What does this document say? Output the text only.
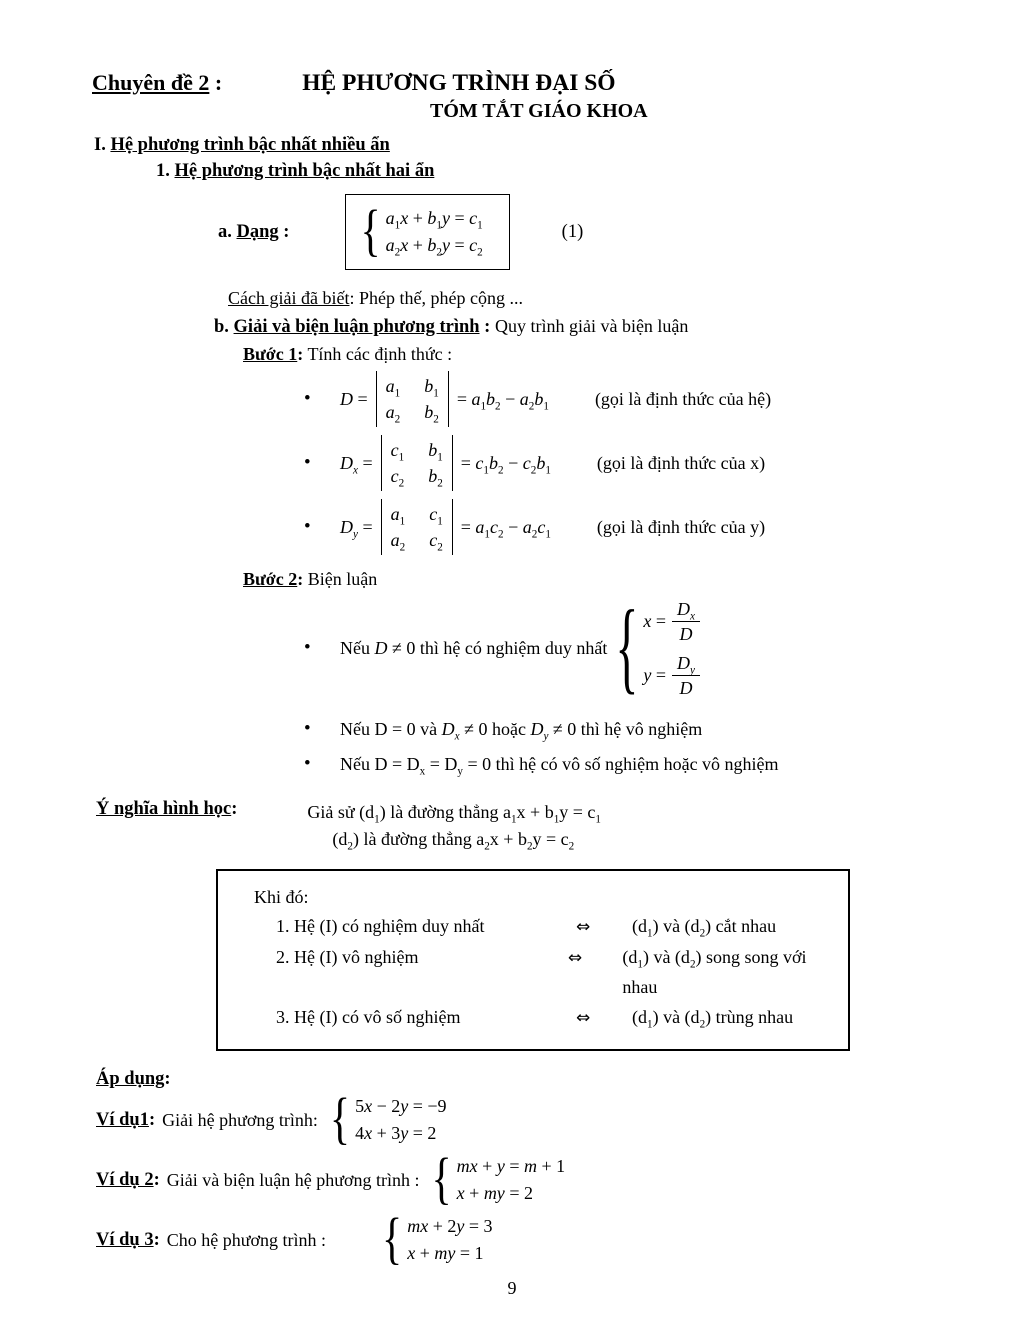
Chuyên đề 2 :	HỆ PHƯƠNG TRÌNH ĐẠI SỐ
TÓM TẮT GIÁO KHOA
I. Hệ phương trình bậc nhất nhiều ẩn
1. Hệ phương trình bậc nhất hai ẩn
a. Dạng : { $a_1x + b_1y = c_1$
$a_2x + b_2y = c_2$
(1)
Cách giải đã biết: Phép thế, phép cộng ...
b. Giải và biện luận phương trình : Quy trình giải và biện luận
Bước 1: Tính các định thức :
•	D =
$a_1$ $b_1$
$a_2$ $b_2$
= $a_1b_2 - a_2b_1$	(gọi là định thức của hệ)
•	$D_x$ =
$c_1$ $b_1$
$c_2$ $b_2$
= $c_1b_2 - c_2b_1$	(gọi là định thức của x)
•	$D_y$ =
$a_1$ $c_1$
$a_2$ $c_2$
= $a_1c_2 - a_2c_1$	(gọi là định thức của y)
Bước 2: Biện luận
•	Nếu D ≠ 0 thì hệ có nghiệm duy nhất { $x = \frac{D_x}{D}$
$y = \frac{D_y}{D}$
•	Nếu D = 0 và $D_x \ne 0$ hoặc $D_y \ne 0$ thì hệ vô nghiệm
•	Nếu $D = D_x = D_y = 0$ thì hệ có vô số nghiệm hoặc vô nghiệm
Ý nghĩa hình học:	Giả sử $(d_1)$ là đường thẳng $a_1x + b_1y = c_1$
$(d_2)$ là đường thẳng $a_2x + b_2y = c_2$
Khi đó:
1. Hệ (I) có nghiệm duy nhất	⇔	$(d_1)$ và $(d_2)$ cắt nhau
2. Hệ (I) vô nghiệm	⇔	$(d_1)$ và $(d_2)$ song song với nhau
3. Hệ (I) có vô số nghiệm	⇔	$(d_1)$ và $(d_2)$ trùng nhau
Áp dụng:
Ví dụ1: Giải hệ phương trình: { 5x − 2y = −9
4x + 3y = 2
Ví dụ 2: Giải và biện luận hệ phương trình : { mx + y = m + 1
x + my = 2
Ví dụ 3: Cho hệ phương trình : { mx + 2y = 3
x + my = 1
9
